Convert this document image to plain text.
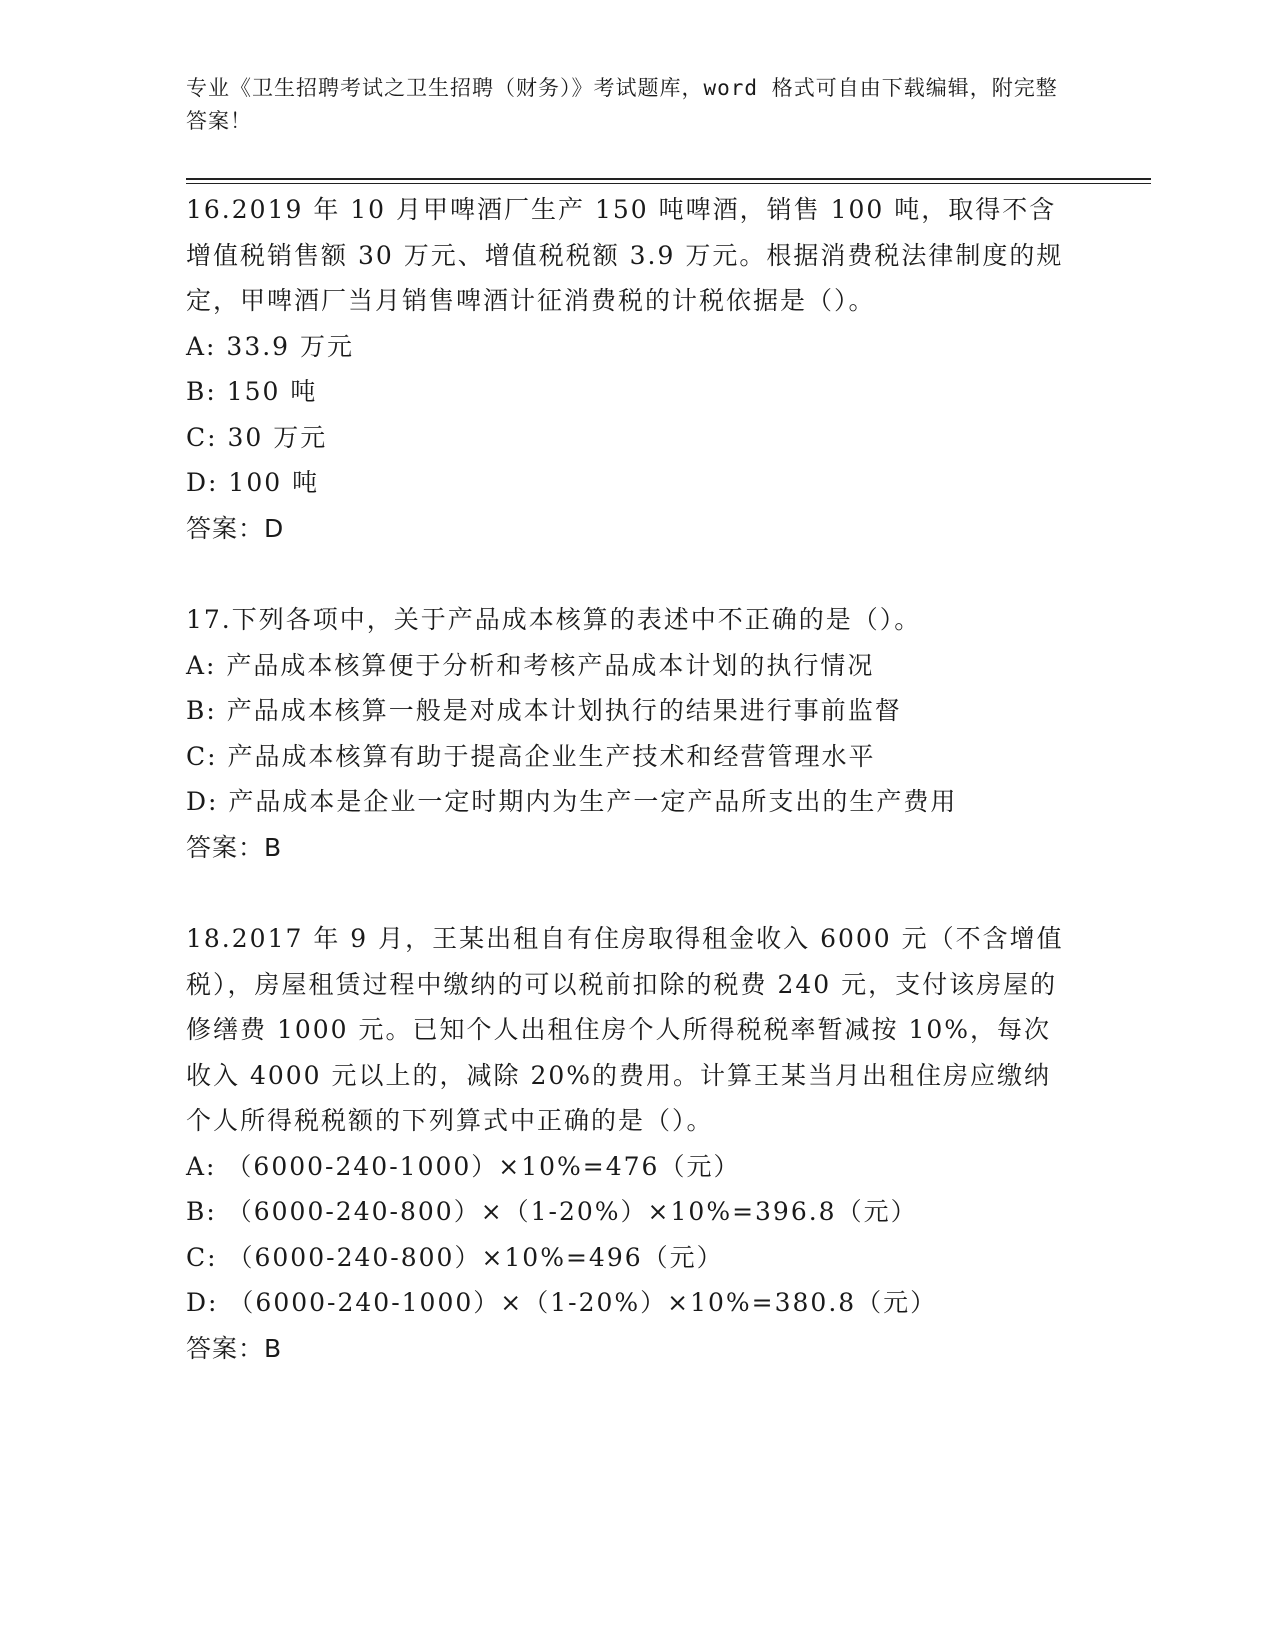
专业《卫生招聘考试之卫生招聘（财务）》考试题库，word 格式可自由下载编辑，附完整答案！

16.2019 年 10 月甲啤酒厂生产 150 吨啤酒，销售 100 吨，取得不含增值税销售额 30 万元、增值税税额 3.9 万元。根据消费税法律制度的规定，甲啤酒厂当月销售啤酒计征消费税的计税依据是（）。

A: 33.9 万元

B: 150 吨

C: 30 万元

D: 100 吨

答案：D

17.下列各项中，关于产品成本核算的表述中不正确的是（）。

A: 产品成本核算便于分析和考核产品成本计划的执行情况

B: 产品成本核算一般是对成本计划执行的结果进行事前监督

C: 产品成本核算有助于提高企业生产技术和经营管理水平

D: 产品成本是企业一定时期内为生产一定产品所支出的生产费用

答案：B

18.2017 年 9 月，王某出租自有住房取得租金收入 6000 元（不含增值税），房屋租赁过程中缴纳的可以税前扣除的税费 240 元，支付该房屋的修缮费 1000 元。已知个人出租住房个人所得税税率暂减按 10%，每次收入 4000 元以上的，减除 20%的费用。计算王某当月出租住房应缴纳个人所得税税额的下列算式中正确的是（）。

A: （6000-240-1000）×10%=476（元）

B: （6000-240-800）×（1-20%）×10%=396.8（元）

C: （6000-240-800）×10%=496（元）

D: （6000-240-1000）×（1-20%）×10%=380.8（元）

答案：B
